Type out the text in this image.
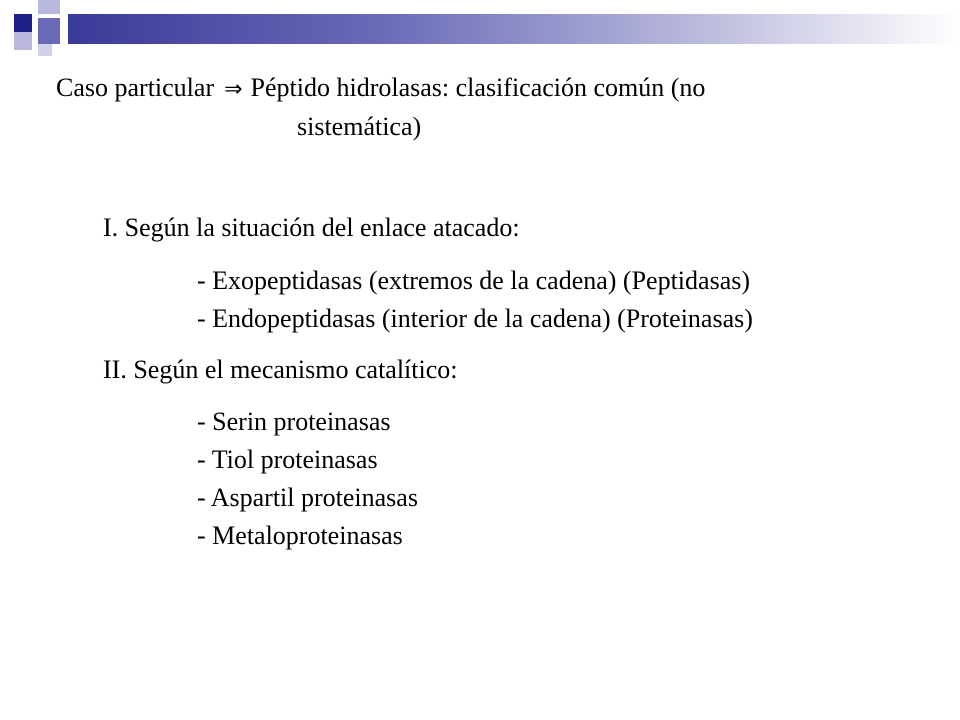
Caso particular ⇒ Péptido hidrolasas: clasificación común (no
sistemática)
I. Según la situación del enlace atacado:
- Exopeptidasas (extremos de la cadena) (Peptidasas)
- Endopeptidasas (interior de la cadena) (Proteinasas)
II. Según el mecanismo catalítico:
- Serin proteinasas
- Tiol proteinasas
- Aspartil proteinasas
- Metaloproteinasas
